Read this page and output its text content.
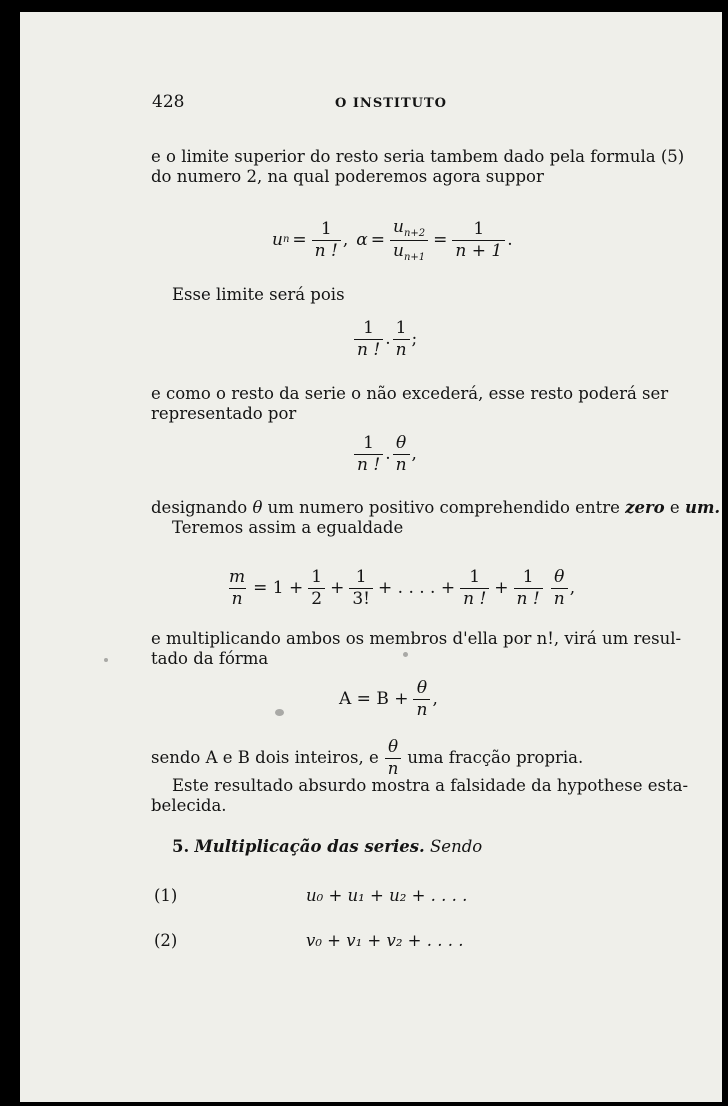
428	O INSTITUTO
e o limite superior do resto seria tambem dado pela formula (5)
do numero 2, na qual poderemos agora suppor
u $n = \frac{1}{n !}$ , $\alpha = \frac{u_{n+2}}{u_{n+1}} = \frac{1}{n + 1}$ .
Esse limite será pois
$\frac{1}{n !}$ . $\frac{1}{n}$ ;
e como o resto da serie o não excederá, esse resto poderá ser
representado por
$\frac{1}{n !}$ . $\frac{\theta}{n}$ ,
designando θ um numero positivo comprehendido entre zero e um.
Teremos assim a egualdade
$\frac{m}{n} = 1 + \frac{1}{2} + \frac{1}{3!}$ + . . . . + $\frac{1}{n !} + \frac{1}{n !} \frac{\theta}{n}$ ,
e multiplicando ambos os membros d'ella por n!, virá um resul-
tado da fórma
$A = B + \frac{\theta}{n}$ ,
sendo A e B dois inteiros, e $\frac{\theta}{n}$ uma fracção propria.
Este resultado absurdo mostra a falsidade da hypothese esta-
belecida.
5. Multiplicação das series. Sendo
(1)	u₀ + u₁ + u₂ + . . . .
(2)	v₀ + v₁ + v₂ + . . . .
